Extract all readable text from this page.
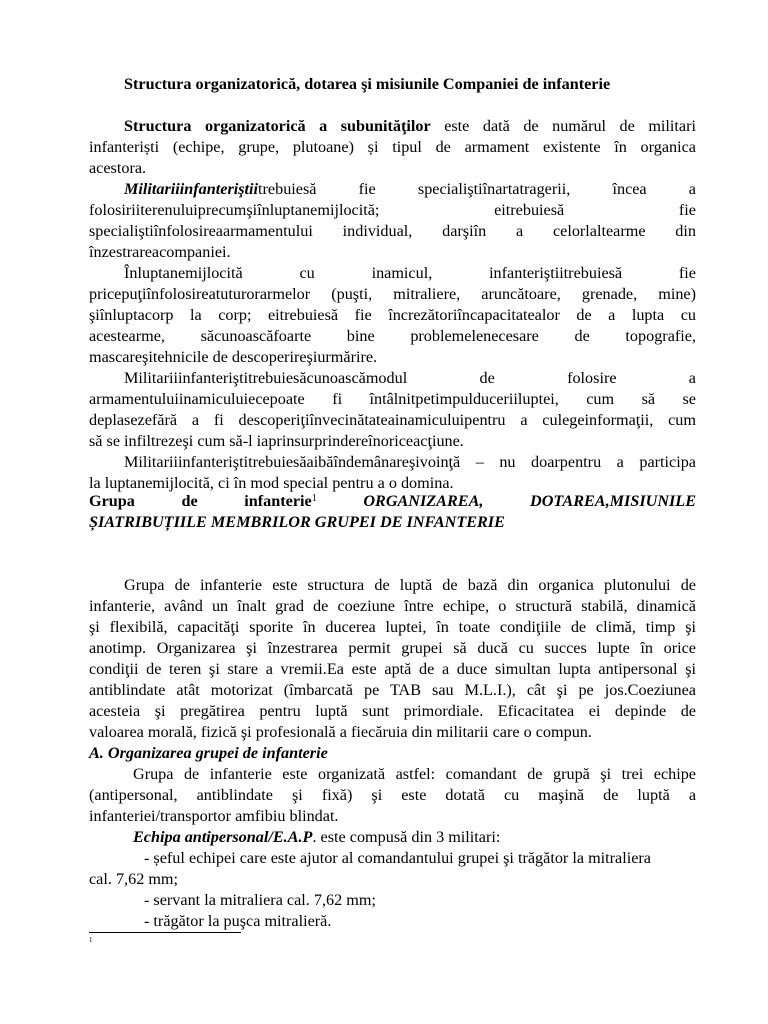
Structura organizatorică, dotarea şi misiunile Companiei de infanterie
Structura organizatorică a subunităţilor este dată de numărul de militari
infanteriști (echipe, grupe, plutoane) și tipul de armament existente în organica
acestora.
Militariiinfanteriştiitrebuiesă fie specialiştiînartatragerii, încea a
folosiriiterenuluiprecumşiînluptanemijlocită; eitrebuiesă fie
specialiştiînfolosireaarmamentului individual, darşiîn a celorlaltearme din
înzestrareacompaniei.
Înluptanemijlocită cu inamicul, infanteriştiitrebuiesă fie
pricepuţiînfolosireatuturorarmelor (puşti, mitraliere, aruncătoare, grenade, mine)
şiînluptacorp la corp; eitrebuiesă fie încrezătoriîncapacitatealor de a lupta cu
acestearme, săcunoascăfoarte bine problemelenecesare de topografie,
mascareşitehnicile de descoperireşiurmărire.
Militariiinfanteriştitrebuiesăcunoascămodul de folosire a
armamentuluiinamiculuiecepoate fi întâlnitpetimpulduceriiluptei, cum să se
deplasezefără a fi descoperiţiînvecinătateainamiculuipentru a culegeinformaţii, cum
să se infiltrezeşi cum să-l iaprinsurprindereînoriceacţiune.
Militariiinfanteriştitrebuiesăaibăîndemânareşivoinţă – nu doarpentru a participa
la luptanemijlocită, ci în mod special pentru a o domina.
Grupa de infanterie$^1$	ORGANIZAREA, DOTAREA,MISIUNILE
ȘIATRIBUȚIILE MEMBRILOR GRUPEI DE INFANTERIE
Grupa de infanterie este structura de luptă de bază din organica plutonului de
infanterie, având un înalt grad de coeziune între echipe, o structură stabilă, dinamică
şi flexibilă, capacităţi sporite în ducerea luptei, în toate condiţiile de climă, timp şi
anotimp. Organizarea şi înzestrarea permit grupei să ducă cu succes lupte în orice
condiţii de teren şi stare a vremii.Ea este aptă de a duce simultan lupta antipersonal şi
antiblindate atât motorizat (îmbarcată pe TAB sau M.L.I.), cât şi pe jos.Coeziunea
acesteia şi pregătirea pentru luptă sunt primordiale. Eficacitatea ei depinde de
valoarea morală, fizică şi profesională a fiecăruia din militarii care o compun.
A. Organizarea grupei de infanterie
Grupa de infanterie este organizată astfel: comandant de grupă şi trei echipe
(antipersonal, antiblindate şi fixă) şi este dotată cu maşină de luptă a
infanteriei/transportor amfibiu blindat.
Echipa antipersonal/E.A.P. este compusă din 3 militari:
- șeful echipei care este ajutor al comandantului grupei şi trăgător la mitraliera
cal. 7,62 mm;
- servant la mitraliera cal. 7,62 mm;
- trăgător la puşca mitralieră.
1
